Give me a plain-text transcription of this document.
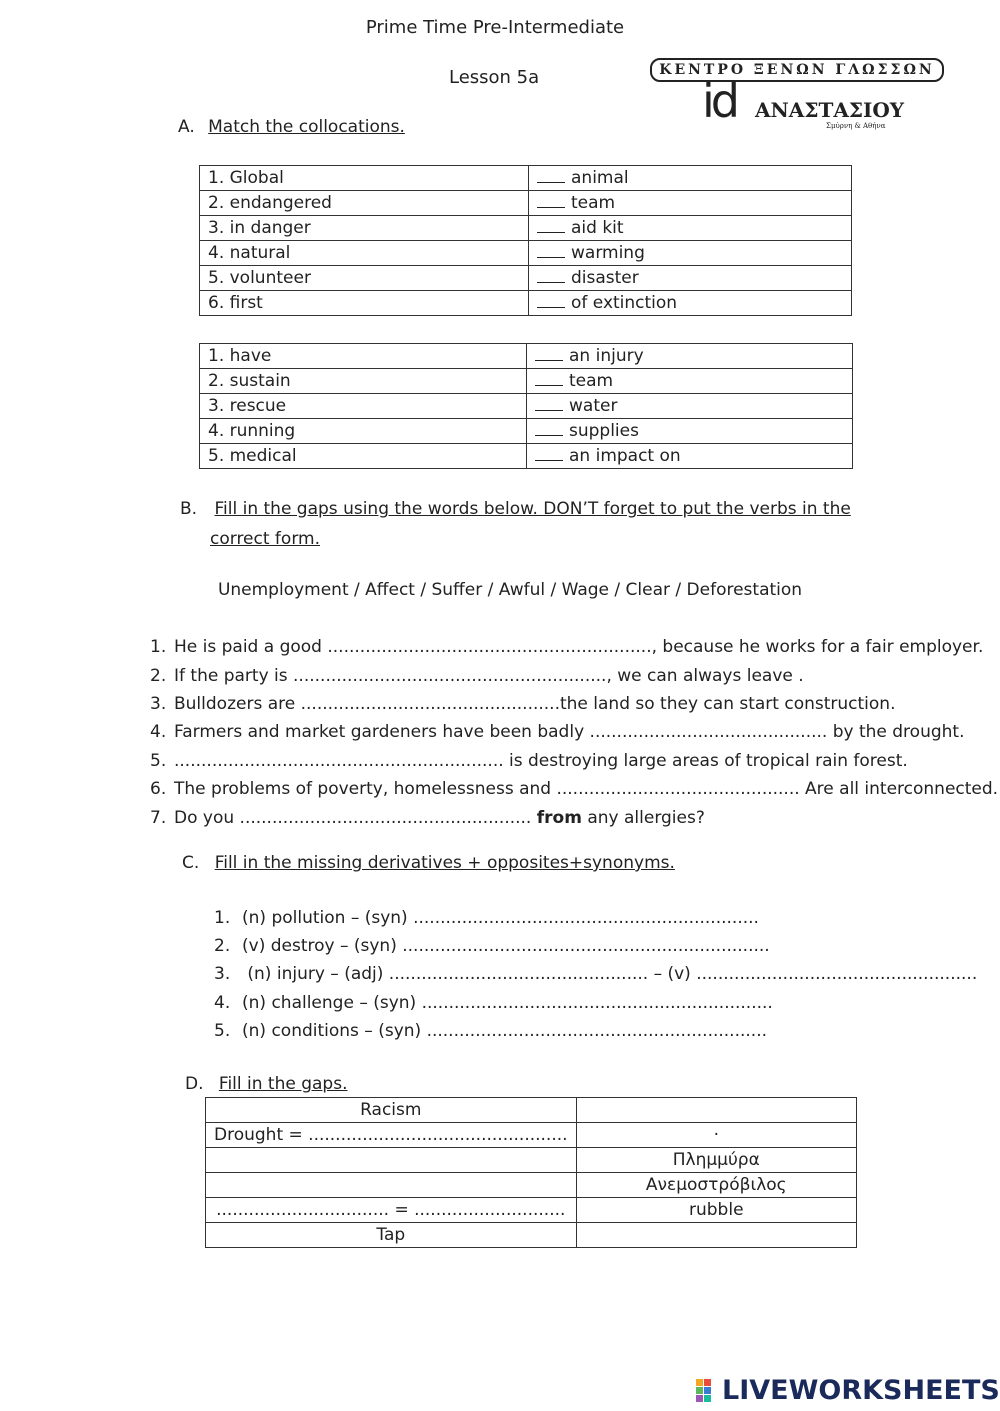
Prime Time Pre-Intermediate
Lesson 5a	ΚΕΝΤΡΟ ΞΕΝΩΝ ΓΛΩΣΣΩΝ
id ΑΝΑΣΤΑΣΙΟΥ
Σμύρνη & Αθήνα
A. Match the collocations.
1. Global	animal
2. endangered	team
3. in danger	aid kit
4. natural	warming
5. volunteer	disaster
6. first	of extinction
1. have	an injury
2. sustain	team
3. rescue	water
4. running	supplies
5. medical	an impact on
B. Fill in the gaps using the words below. DON’T forget to put the verbs in the
correct form.
Unemployment / Affect / Suffer / Awful / Wage / Clear / Deforestation
1. He is paid a good ............................................................, because he works for a fair employer.
2. If the party is .........................................................., we can always leave .
3. Bulldozers are ................................................the land so they can start construction.
4. Farmers and market gardeners have been badly ............................................ by the drought.
5. ............................................................. is destroying large areas of tropical rain forest.
6. The problems of poverty, homelessness and ............................................. Are all interconnected.
7. Do you ...................................................... from any allergies?
C. Fill in the missing derivatives + opposites+synonyms.
1. (n) pollution – (syn) ................................................................
2. (v) destroy – (syn) ....................................................................
3. (n) injury – (adj) ................................................ – (v) ....................................................
4. (n) challenge – (syn) .................................................................
5. (n) conditions – (syn) ...............................................................
D. Fill in the gaps.
Racism	
Drought = ................................................	·
	Πλημμύρα
	Ανεμοστρόβιλος
................................ = ............................	rubble
Tap	
LIVEWORKSHEETS
